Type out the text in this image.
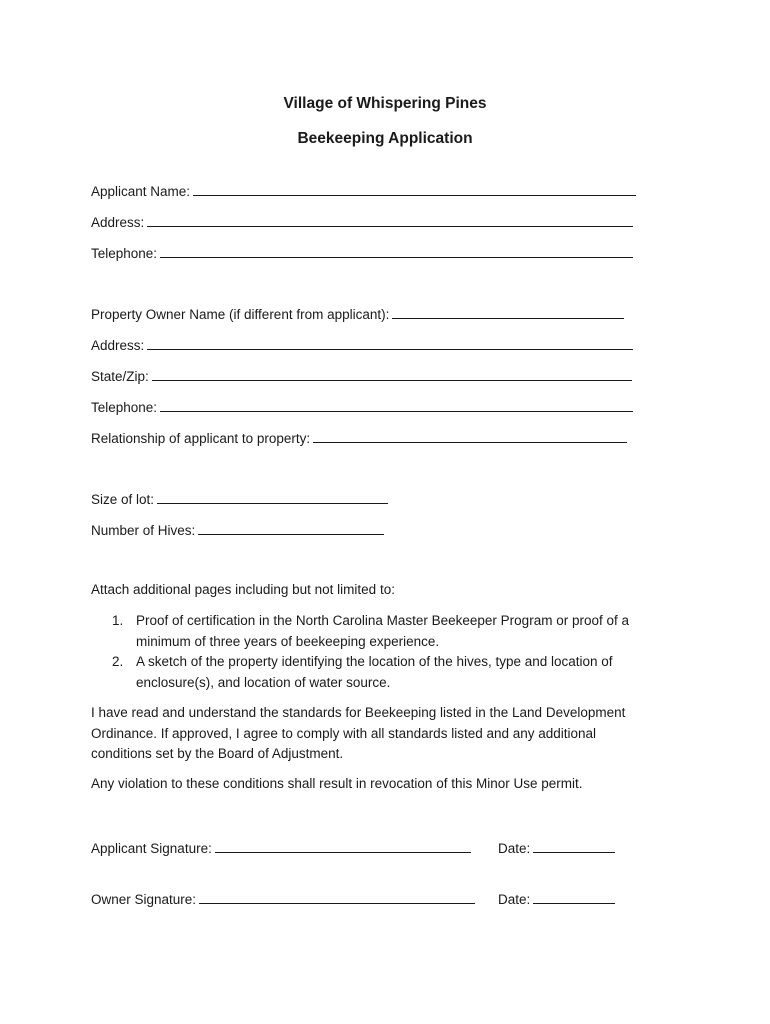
Village of Whispering Pines
Beekeeping Application
Applicant Name:
Address:
Telephone:
Property Owner Name (if different from applicant):
Address:
State/Zip:
Telephone:
Relationship of applicant to property:
Size of lot:
Number of Hives:
Attach additional pages including but not limited to:
1. Proof of certification in the North Carolina Master Beekeeper Program or proof of a minimum of three years of beekeeping experience.
2. A sketch of the property identifying the location of the hives, type and location of enclosure(s), and location of water source.
I have read and understand the standards for Beekeeping listed in the Land Development Ordinance. If approved, I agree to comply with all standards listed and any additional conditions set by the Board of Adjustment.
Any violation to these conditions shall result in revocation of this Minor Use permit.
Applicant Signature:	Date:
Owner Signature:	Date:
